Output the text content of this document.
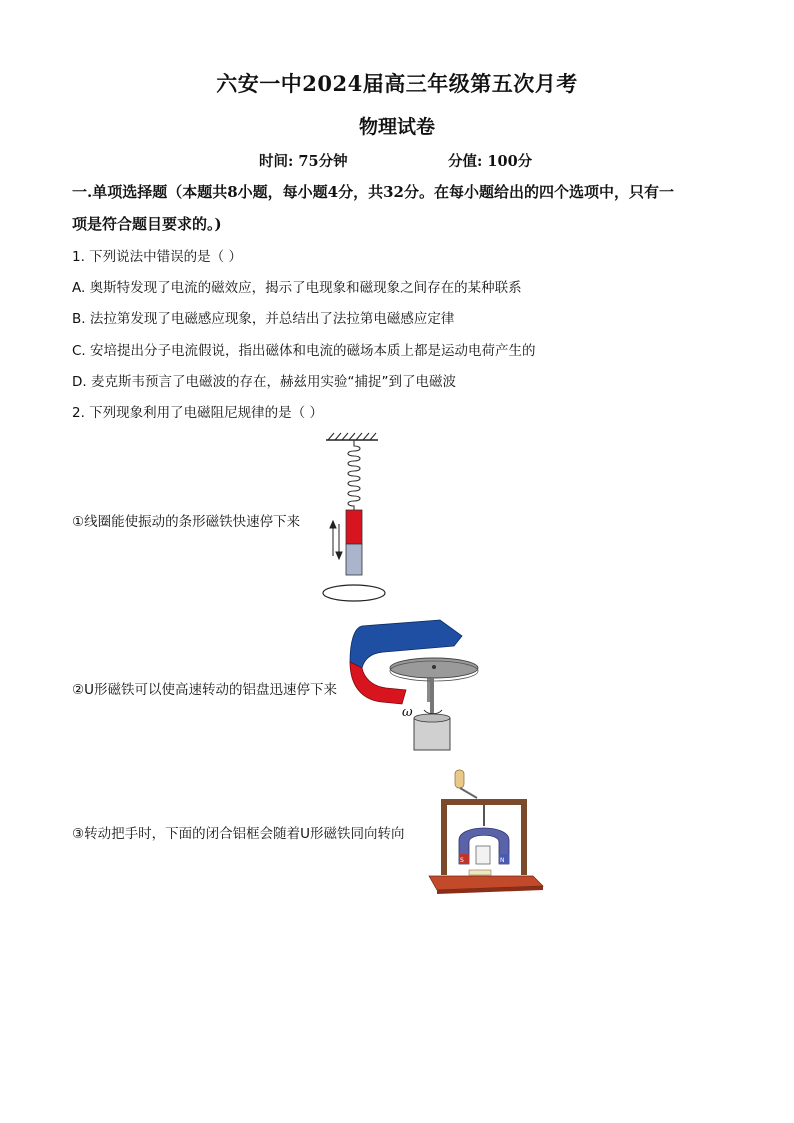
六安一中2024届高三年级第五次月考
物理试卷
时间: 75分钟	分值: 100分
一.单项选择题（本题共8小题，每小题4分，共32分。在每小题给出的四个选项中，只有一
项是符合题目要求的。)
1. 下列说法中错误的是（ ）
A. 奥斯特发现了电流的磁效应，揭示了电现象和磁现象之间存在的某种联系
B. 法拉第发现了电磁感应现象，并总结出了法拉第电磁感应定律
C. 安培提出分子电流假说，指出磁体和电流的磁场本质上都是运动电荷产生的
D. 麦克斯韦预言了电磁波的存在，赫兹用实验“捕捉”到了电磁波
2. 下列现象利用了电磁阻尼规律的是（ ）
①线圈能使振动的条形磁铁快速停下来
②U形磁铁可以使高速转动的铝盘迅速停下来
③转动把手时，下面的闭合铝框会随着U形磁铁同向转向
ω
S	N
